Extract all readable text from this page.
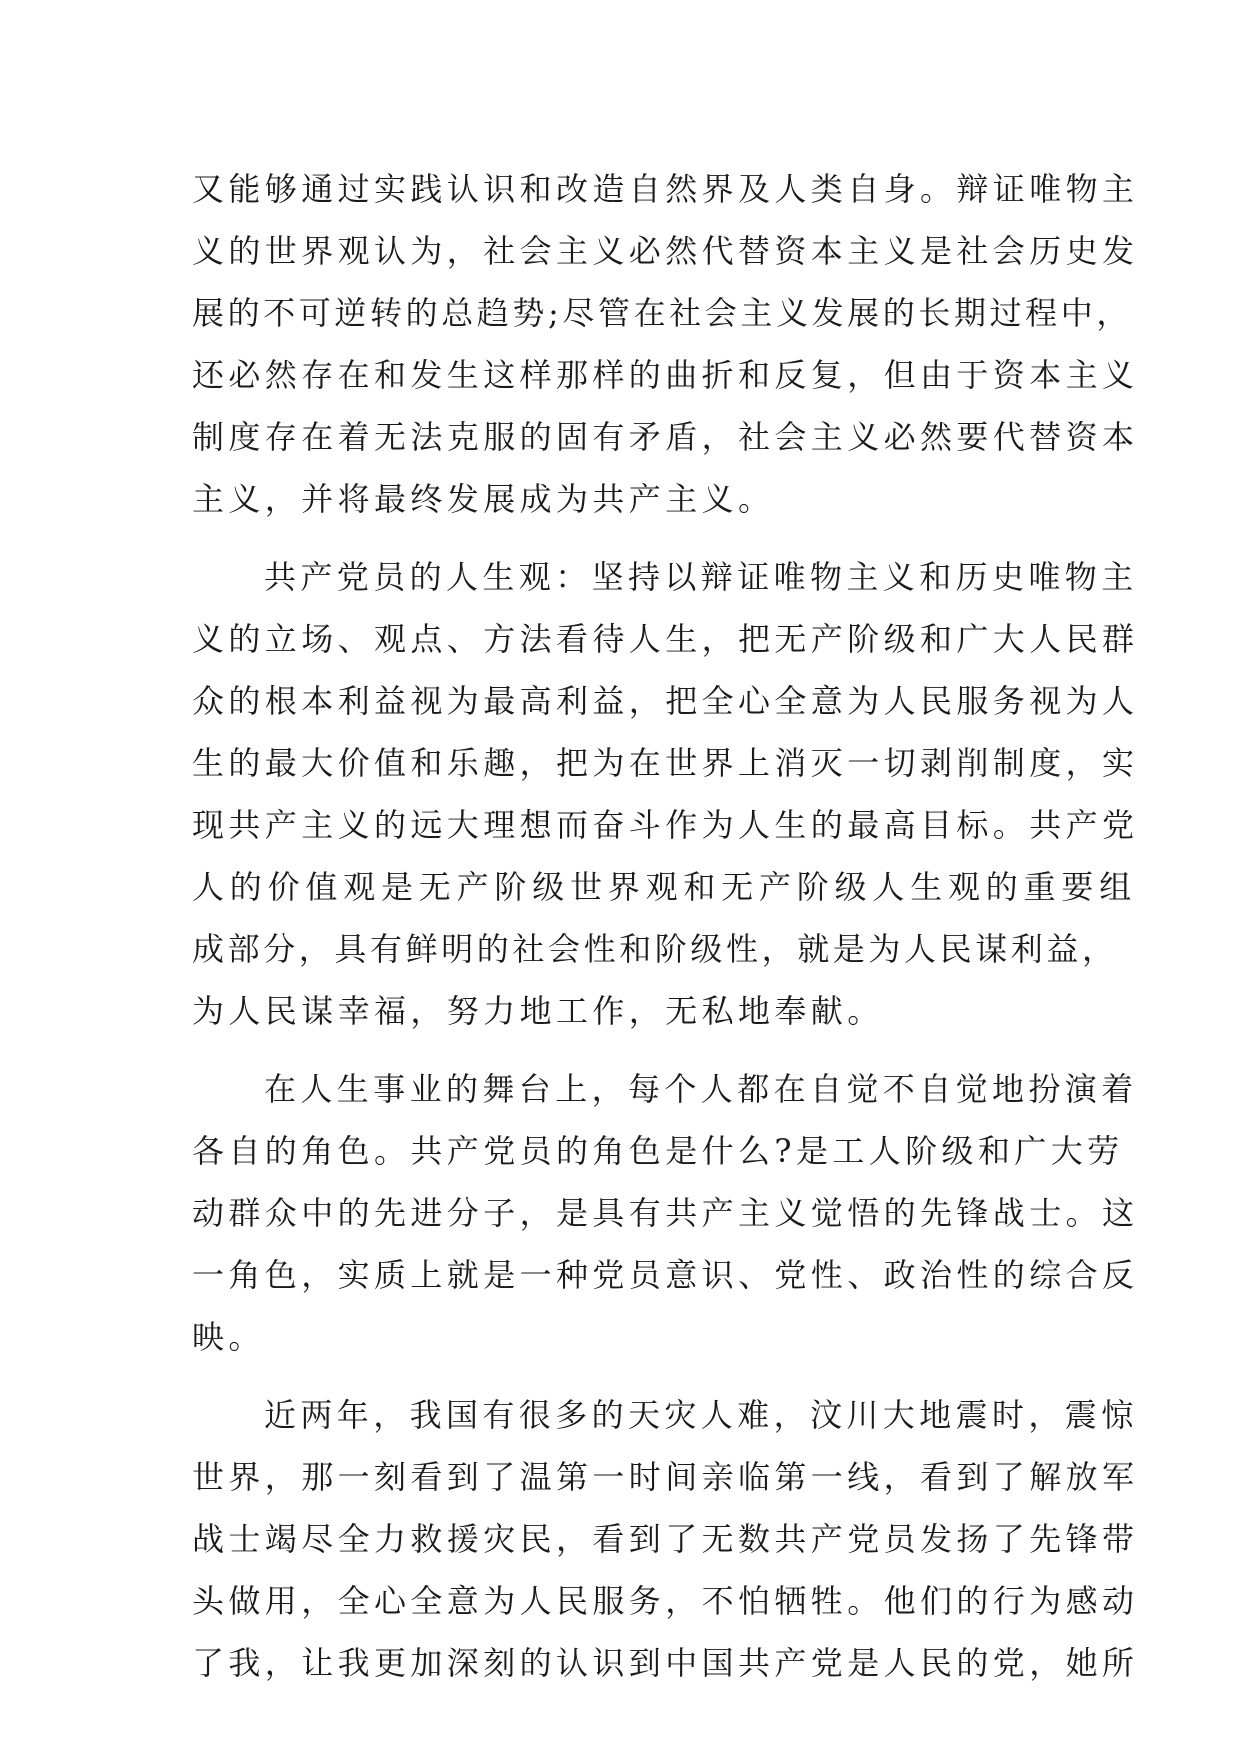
又能够通过实践认识和改造自然界及人类自身。辩证唯物主
义的世界观认为，社会主义必然代替资本主义是社会历史发
展的不可逆转的总趋势;尽管在社会主义发展的长期过程中，
还必然存在和发生这样那样的曲折和反复，但由于资本主义
制度存在着无法克服的固有矛盾，社会主义必然要代替资本
主义，并将最终发展成为共产主义。
共产党员的人生观：坚持以辩证唯物主义和历史唯物主
义的立场、观点、方法看待人生，把无产阶级和广大人民群
众的根本利益视为最高利益，把全心全意为人民服务视为人
生的最大价值和乐趣，把为在世界上消灭一切剥削制度，实
现共产主义的远大理想而奋斗作为人生的最高目标。共产党
人的价值观是无产阶级世界观和无产阶级人生观的重要组
成部分，具有鲜明的社会性和阶级性，就是为人民谋利益，
为人民谋幸福，努力地工作，无私地奉献。
在人生事业的舞台上，每个人都在自觉不自觉地扮演着
各自的角色。共产党员的角色是什么?是工人阶级和广大劳
动群众中的先进分子，是具有共产主义觉悟的先锋战士。这
一角色，实质上就是一种党员意识、党性、政治性的综合反
映。
近两年，我国有很多的天灾人难，汶川大地震时，震惊
世界，那一刻看到了温第一时间亲临第一线，看到了解放军
战士竭尽全力救援灾民，看到了无数共产党员发扬了先锋带
头做用，全心全意为人民服务，不怕牺牲。他们的行为感动
了我，让我更加深刻的认识到中国共产党是人民的党，她所
